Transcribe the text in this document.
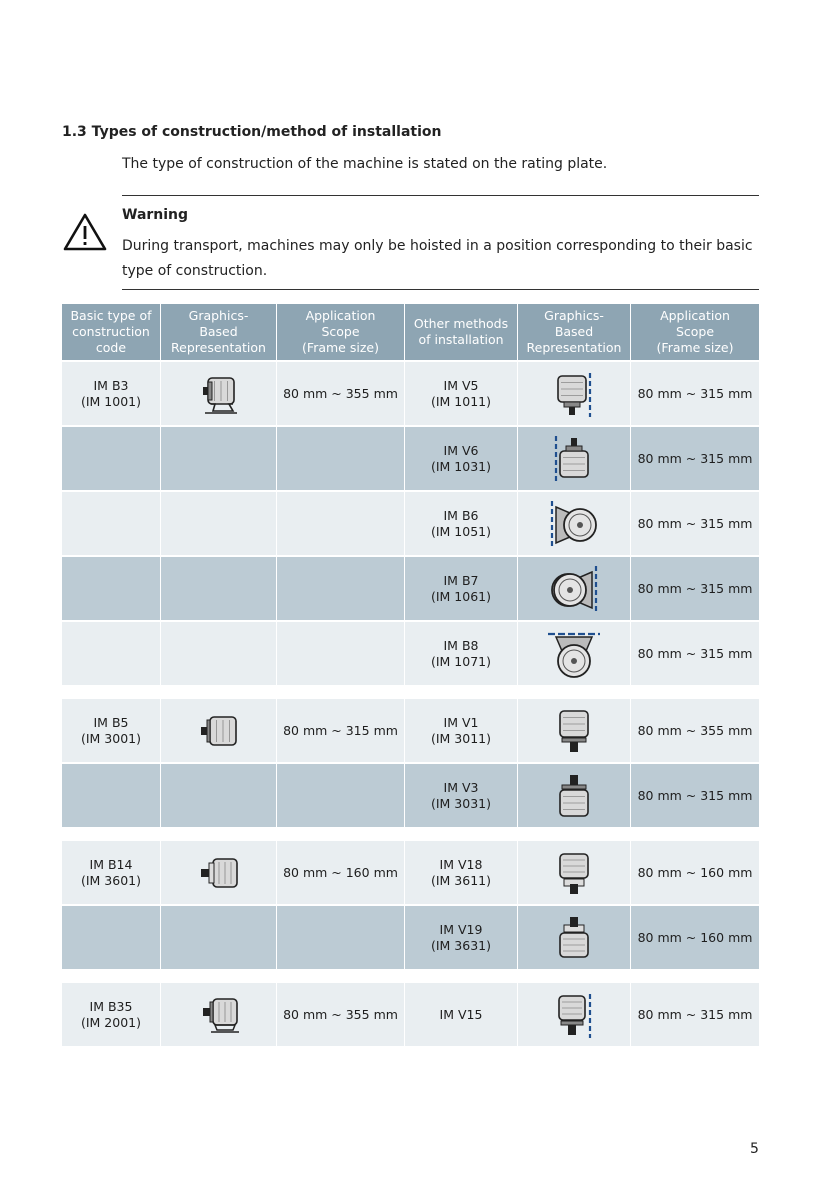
1.3 Types of construction/method of installation
The type of construction of the machine is stated on the rating plate.
Warning
During transport, machines may only be hoisted in a position corresponding to their basic type of construction.
Basic type of
construction
code
Graphics-
Based
Representation
Application
Scope
(Frame size)
Other methods
of installation
Graphics-
Based
Representation
Application
Scope
(Frame size)
IM B3
(IM 1001)
80 mm ~ 355 mm
IM V5
(IM 1011)
80 mm ~ 315 mm
IM V6
(IM 1031)
80 mm ~ 315 mm
IM B6
(IM 1051)
80 mm ~ 315 mm
IM B7
(IM 1061)
80 mm ~ 315 mm
IM B8
(IM 1071)
80 mm ~ 315 mm
IM B5
(IM 3001)
80 mm ~ 315 mm
IM V1
(IM 3011)
80 mm ~ 355 mm
IM V3
(IM 3031)
80 mm ~ 315 mm
IM B14
(IM 3601)
80 mm ~ 160 mm
IM V18
(IM 3611)
80 mm ~ 160 mm
IM V19
(IM 3631)
80 mm ~ 160 mm
IM B35
(IM 2001)
80 mm ~ 355 mm	IM V15	80 mm ~ 315 mm
5
